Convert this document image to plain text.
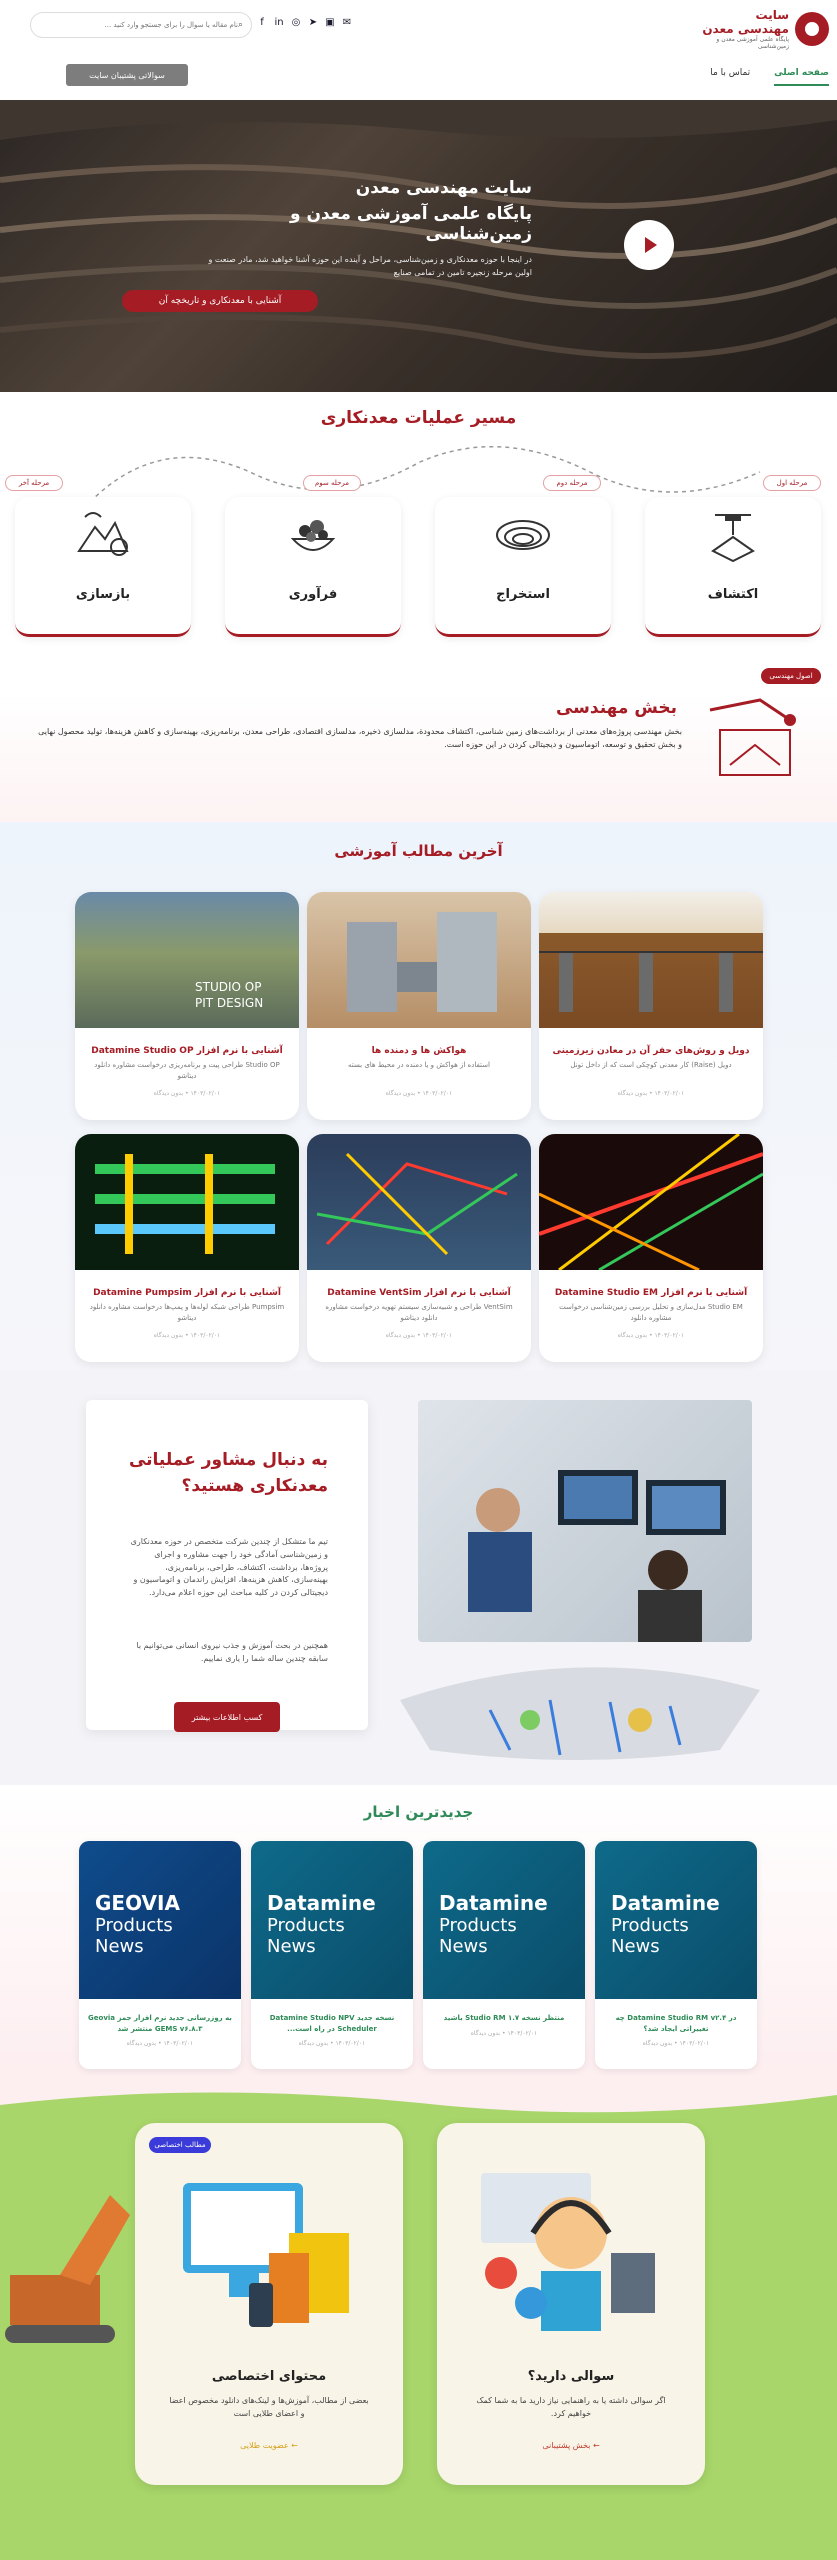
سایت مهندسی معدن
پایگاه علمی آموزشی معدن و زمین‌شناسی
f	in ◎ ➤ ▣ ✉
⌕
نام مقاله یا سوال را برای جستجو وارد کنید ...
صفحه اصلی
تماس با ما
سوالاتی پشتیبان سایت
سایت مهندسی معدن
پایگاه علمی آموزشی معدن و زمین‌شناسی
در اینجا با حوزه معدنکاری و زمین‌شناسی، مراحل و آینده این حوزه آشنا خواهید شد، مادر صنعت و اولین مرحله زنجیره تامین در تمامی صنایع
آشنایی با معدنکاری و تاریخچه آن
مسیر عملیات معدنکاری
مرحله اول
اکتشاف
مرحله دوم
استخراج
مرحله سوم
فرآوری
مرحله آخر
بازسازی
اصول مهندسی
بخش مهندسی
بخش مهندسی پروژه‌های معدنی از برداشت‌های زمین شناسی، اکتشاف محدودة، مدلسازی ذخیره، مدلسازی اقتصادی، طراحی معدن، برنامه‌ریزی، بهینه‌سازی و کاهش هزینه‌ها، تولید محصول نهایی و بخش تحقیق و توسعه، اتوماسیون و دیجیتالی کردن در این حوزه است.
آخرین مطالب آموزشی
دویل و روش‌های حفر آن در معادن زیرزمینی
دویل (Raise) کار معدنی کوچکی است که از داخل تونل
۱۴۰۳/۰۲/۰۱ • بدون دیدگاه
هواکش ها و دمنده ها
استفاده از هواکش و یا دمنده در محیط های بسته
۱۴۰۳/۰۲/۰۱ • بدون دیدگاه
STUDIO OP
PIT DESIGN
آشنایی با نرم افزار Datamine Studio OP
Studio OP طراحی پیت و برنامه‌ریزی درخواست مشاوره دانلود دیتاشو
۱۴۰۳/۰۲/۰۱ • بدون دیدگاه
آشنایی با نرم افزار Datamine Studio EM
Studio EM مدل‌سازی و تحلیل بررسی زمین‌شناسی درخواست مشاوره دانلود
۱۴۰۳/۰۲/۰۱ • بدون دیدگاه
آشنایی با نرم افزار Datamine VentSim
VentSim طراحی و شبیه‌سازی سیستم تهویه درخواست مشاوره دانلود دیتاشو
۱۴۰۳/۰۲/۰۱ • بدون دیدگاه
آشنایی با نرم افزار Datamine Pumpsim
Pumpsim طراحی شبکه لوله‌ها و پمپ‌ها درخواست مشاوره دانلود دیتاشو
۱۴۰۳/۰۲/۰۱ • بدون دیدگاه
به دنبال مشاور عملیاتی
معدنکاری هستید؟
تیم ما متشکل از چندین شرکت متخصص در حوزه معدنکاری و زمین‌شناسی آمادگی خود را جهت مشاوره و اجرای پروژه‌ها، برداشت، اکتشاف، طراحی، برنامه‌ریزی، بهینه‌سازی، کاهش هزینه‌ها، افزایش راندمان و اتوماسیون و دیجیتالی کردن در کلیه مباحث این حوزه اعلام می‌دارد.
همچنین در بحث آموزش و جذب نیروی انسانی می‌توانیم با سابقه چندین ساله شما را یاری نماییم.
کسب اطلاعات بیشتر
جدیدترین اخبار
Datamine
Products News
در Datamine Studio RM v۲.۴ چه تغییراتی ایجاد شد؟
۱۴۰۳/۰۲/۰۱ • بدون دیدگاه
Datamine
Products News
منتظر نسخه Studio RM ۱.۷ باشید
۱۴۰۳/۰۲/۰۱ • بدون دیدگاه
Datamine
Products News
نسخه جدید Datamine Studio NPV Scheduler در راه است...
۱۴۰۳/۰۲/۰۱ • بدون دیدگاه
GEOVIA
Products News
به روزرسانی جدید نرم افزار جمز Geovia GEMS v۶.۸.۳ منتشر شد
۱۴۰۳/۰۲/۰۱ • بدون دیدگاه
سوالی دارید؟
اگر سوالی داشته یا به راهنمایی نیاز دارید ما به شما کمک خواهیم کرد.
← بخش پشتیبانی
مطالب اختصاصی
محتوای اختصاصی
بعضی از مطالب، آموزش‌ها و لینک‌های دانلود مخصوص اعضا و اعضای طلایی است
← عضویت طلایی
